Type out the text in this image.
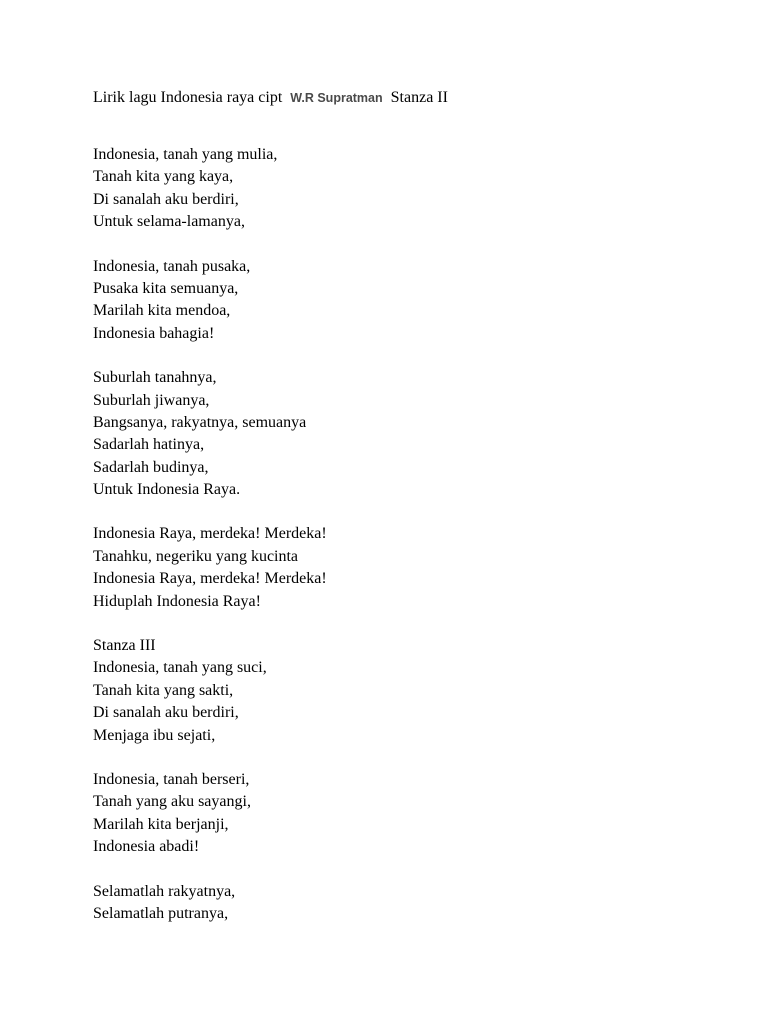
Lirik lagu Indonesia raya cipt W.R Supratman Stanza II
Indonesia, tanah yang mulia,
Tanah kita yang kaya,
Di sanalah aku berdiri,
Untuk selama-lamanya,
Indonesia, tanah pusaka,
Pusaka kita semuanya,
Marilah kita mendoa,
Indonesia bahagia!
Suburlah tanahnya,
Suburlah jiwanya,
Bangsanya, rakyatnya, semuanya
Sadarlah hatinya,
Sadarlah budinya,
Untuk Indonesia Raya.
Indonesia Raya, merdeka! Merdeka!
Tanahku, negeriku yang kucinta
Indonesia Raya, merdeka! Merdeka!
Hiduplah Indonesia Raya!
Stanza III
Indonesia, tanah yang suci,
Tanah kita yang sakti,
Di sanalah aku berdiri,
Menjaga ibu sejati,
Indonesia, tanah berseri,
Tanah yang aku sayangi,
Marilah kita berjanji,
Indonesia abadi!
Selamatlah rakyatnya,
Selamatlah putranya,
